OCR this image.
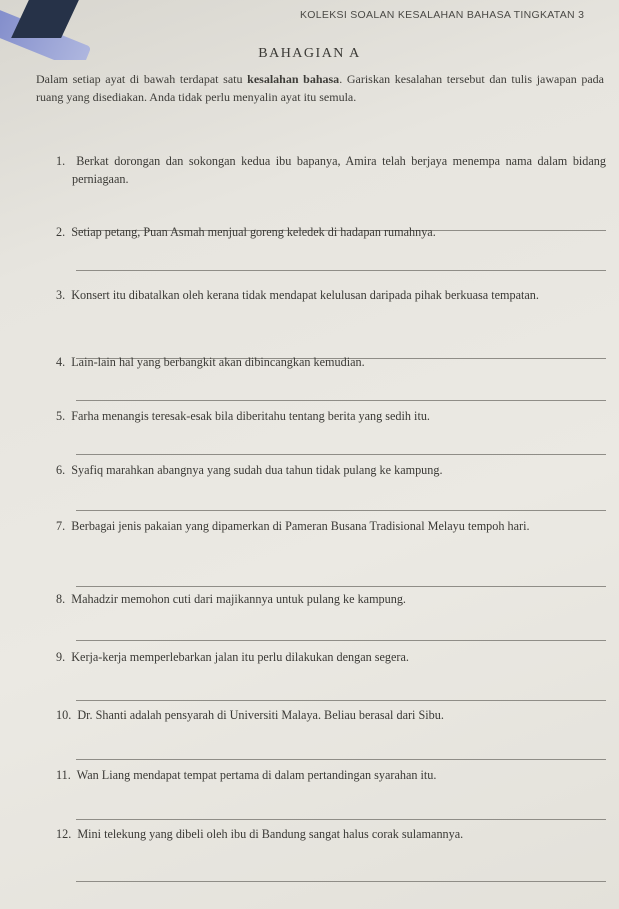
KOLEKSI SOALAN KESALAHAN BAHASA TINGKATAN 3
BAHAGIAN A
Dalam setiap ayat di bawah terdapat satu kesalahan bahasa. Gariskan kesalahan tersebut dan tulis jawapan pada ruang yang disediakan. Anda tidak perlu menyalin ayat itu semula.
1. Berkat dorongan dan sokongan kedua ibu bapanya, Amira telah berjaya menempa nama dalam bidang perniagaan.
2. Setiap petang, Puan Asmah menjual goreng keledek di hadapan rumahnya.
3. Konsert itu dibatalkan oleh kerana tidak mendapat kelulusan daripada pihak berkuasa tempatan.
4. Lain-lain hal yang berbangkit akan dibincangkan kemudian.
5. Farha menangis teresak-esak bila diberitahu tentang berita yang sedih itu.
6. Syafiq marahkan abangnya yang sudah dua tahun tidak pulang ke kampung.
7. Berbagai jenis pakaian yang dipamerkan di Pameran Busana Tradisional Melayu tempoh hari.
8. Mahadzir memohon cuti dari majikannya untuk pulang ke kampung.
9. Kerja-kerja memperlebarkan jalan itu perlu dilakukan dengan segera.
10. Dr. Shanti adalah pensyarah di Universiti Malaya. Beliau berasal dari Sibu.
11. Wan Liang mendapat tempat pertama di dalam pertandingan syarahan itu.
12. Mini telekung yang dibeli oleh ibu di Bandung sangat halus corak sulamannya.
